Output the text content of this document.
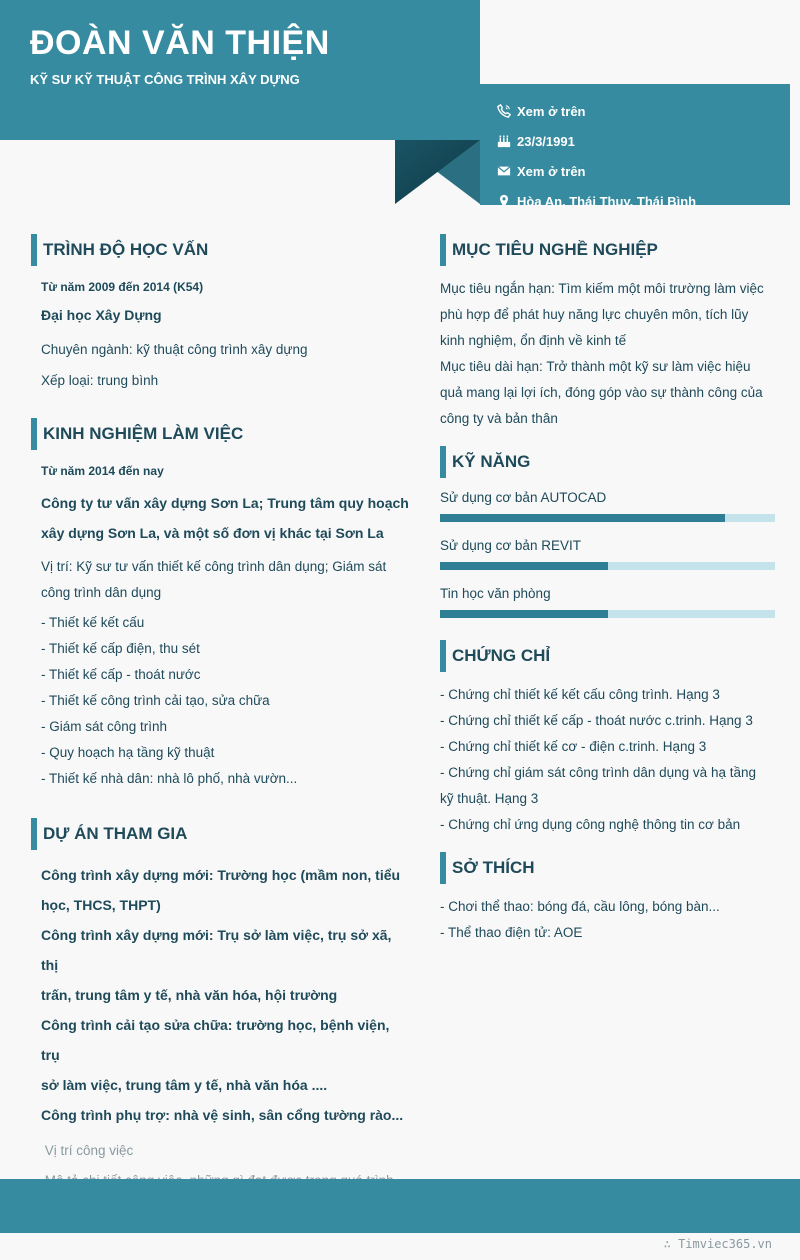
ĐOÀN VĂN THIỆN
KỸ SƯ KỸ THUẬT CÔNG TRÌNH XÂY DỰNG
Xem ở trên
23/3/1991
Xem ở trên
Hòa An, Thái Thụy, Thái Bình
TRÌNH ĐỘ HỌC VẤN
Từ năm 2009 đến 2014 (K54)
Đại học Xây Dựng
Chuyên ngành: kỹ thuật công trình xây dựng
Xếp loại: trung bình
KINH NGHIỆM LÀM VIỆC
Từ năm 2014 đến nay
Công ty tư vấn xây dựng Sơn La; Trung tâm quy hoạch
xây dựng Sơn La, và một số đơn vị khác tại Sơn La
Vị trí: Kỹ sư tư vấn thiết kế công trình dân dụng; Giám sát
công trình dân dụng
- Thiết kế kết cấu
- Thiết kế cấp điện, thu sét
- Thiết kế cấp - thoát nước
- Thiết kế công trình cải tạo, sửa chữa
- Giám sát công trình
- Quy hoạch hạ tầng kỹ thuật
- Thiết kế nhà dân: nhà lô phố, nhà vườn...
DỰ ÁN THAM GIA
Công trình xây dựng mới: Trường học (mầm non, tiểu
học, THCS, THPT)
Công trình xây dựng mới: Trụ sở làm việc, trụ sở xã, thị
trấn, trung tâm y tế, nhà văn hóa, hội trường
Công trình cải tạo sửa chữa: trường học, bệnh viện, trụ
sở làm việc, trung tâm y tế, nhà văn hóa ....
Công trình phụ trợ: nhà vệ sinh, sân cổng tường rào...
Vị trí công việc
MỤC TIÊU NGHỀ NGHIỆP
Mục tiêu ngắn hạn: Tìm kiếm một môi trường làm việc
phù hợp để phát huy năng lực chuyên môn, tích lũy
kinh nghiệm, ổn định về kinh tế
Mục tiêu dài hạn: Trở thành một kỹ sư làm việc hiệu
quả mang lại lợi ích, đóng góp vào sự thành công của
công ty và bản thân
KỸ NĂNG
Sử dụng cơ bản AUTOCAD
Sử dụng cơ bản REVIT
Tin học văn phòng
CHỨNG CHỈ
- Chứng chỉ thiết kế kết cấu công trình. Hạng 3
- Chứng chỉ thiết kế cấp - thoát nước c.trinh. Hạng 3
- Chứng chỉ thiết kế cơ - điện c.trinh. Hạng 3
- Chứng chỉ giám sát công trình dân dụng và hạ tầng
kỹ thuật. Hạng 3
- Chứng chỉ ứng dụng công nghệ thông tin cơ bản
SỞ THÍCH
- Chơi thể thao: bóng đá, cầu lông, bóng bàn...
- Thể thao điện tử: AOE
∴ Timviec365.vn
